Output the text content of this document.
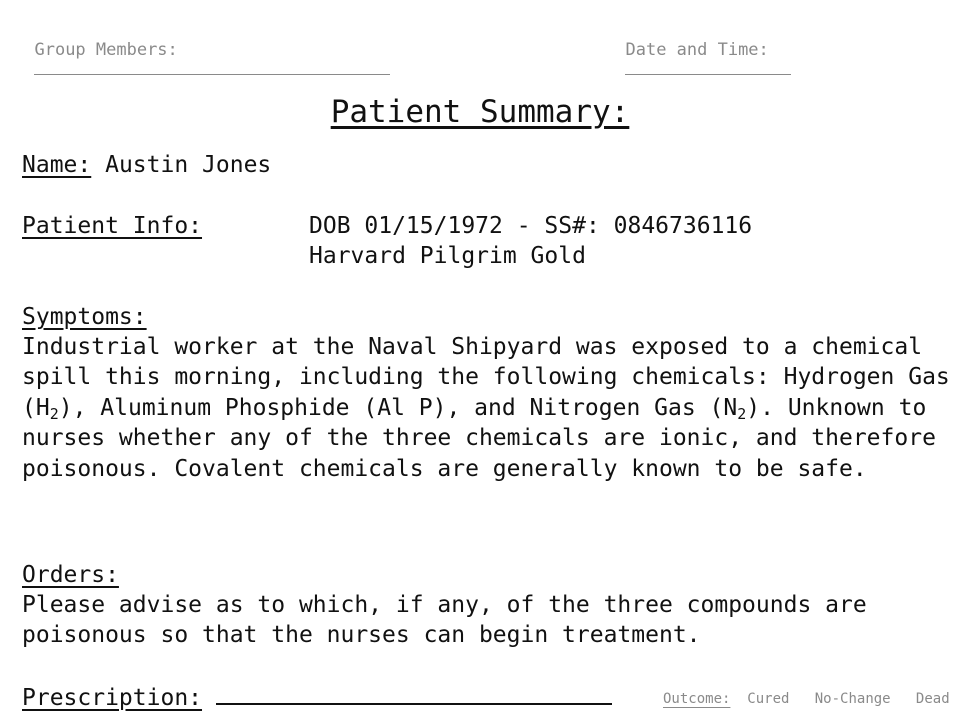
Group Members:
	Date and Time:

Patient Summary:
Name: Austin Jones
Patient Info:	DOB 01/15/1972 - SS#: 0846736116
Harvard Pilgrim Gold
Symptoms:
Industrial worker at the Naval Shipyard was exposed to a chemical spill this morning, including the following chemicals: Hydrogen Gas $(H_2)$, Aluminum Phosphide (Al P), and Nitrogen Gas $(N_2)$. Unknown to nurses whether any of the three chemicals are ionic, and therefore poisonous. Covalent chemicals are generally known to be safe.
Orders:
Please advise as to which, if any, of the three compounds are poisonous so that the nurses can begin treatment.
Prescription:	Outcome: Cured No-Change Dead
